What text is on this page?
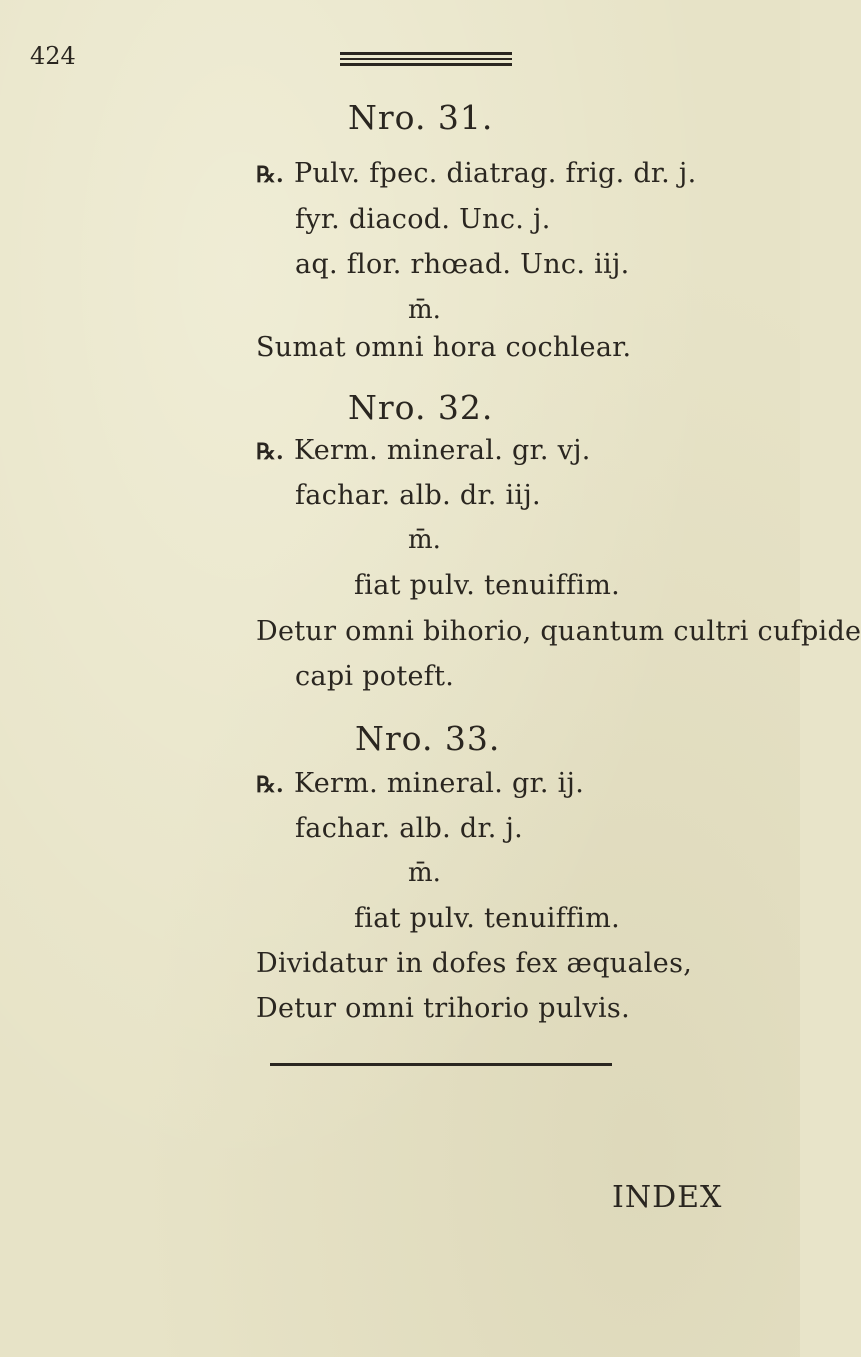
424
Nro. 31.
℞. Pulv. fpec. diatrag. frig. dr. j.
fyr. diacod. Unc. j.
aq. flor. rhœad. Unc. iij.
m̄.
Sumat omni hora cochlear.
Nro. 32.
℞. Kerm. mineral. gr. vj.
fachar. alb. dr. iij.
m̄.
fiat pulv. tenuiffim.
Detur omni bihorio, quantum cultri cufpide
capi poteft.
Nro. 33.
℞. Kerm. mineral. gr. ij.
fachar. alb. dr. j.
m̄.
fiat pulv. tenuiffim.
Dividatur in dofes fex æquales,
Detur omni trihorio pulvis.
INDEX
